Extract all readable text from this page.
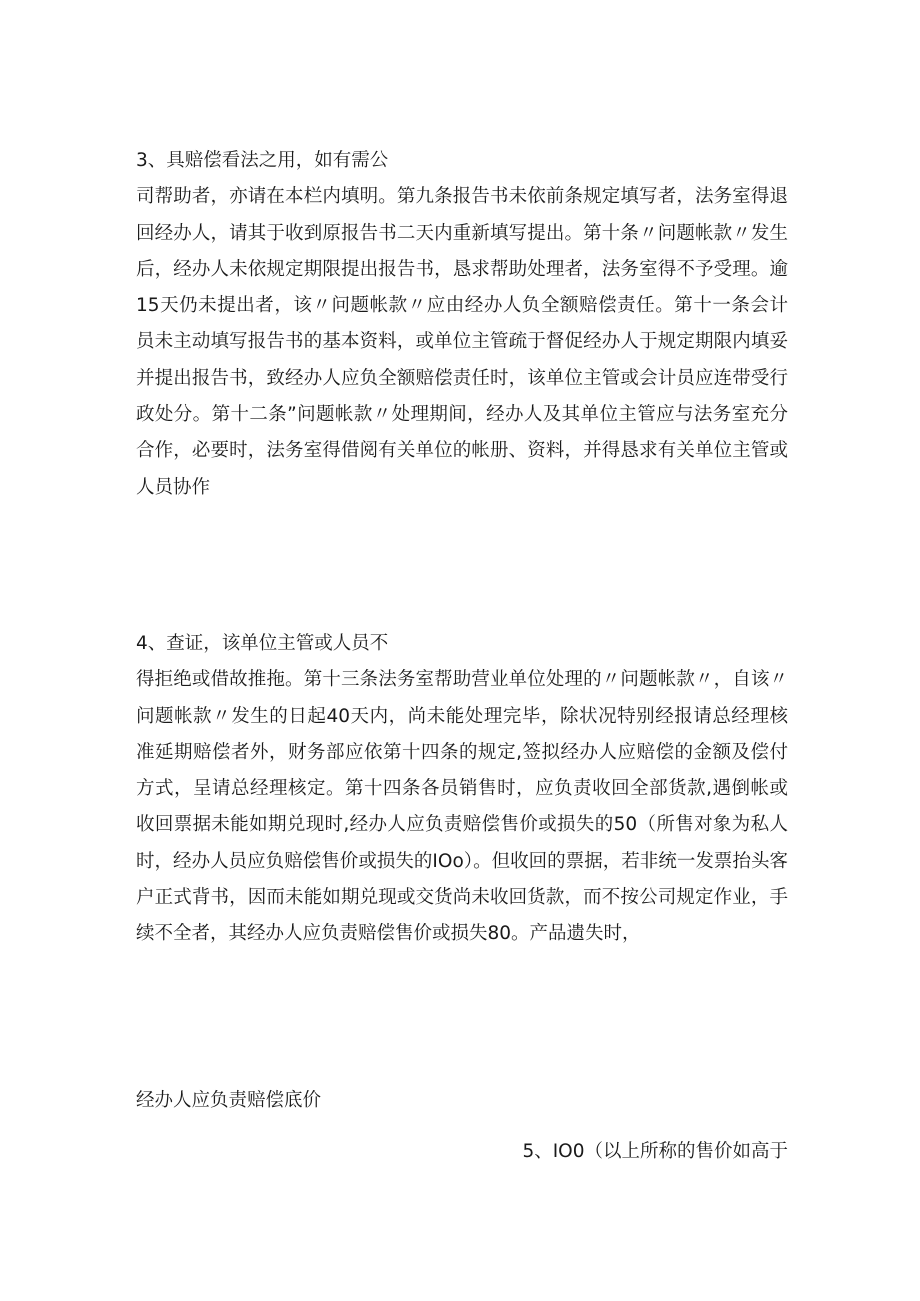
3、具赔偿看法之用，如有需公
司帮助者，亦请在本栏内填明。第九条报告书未依前条规定填写者，法务室得退回经办人，请其于收到原报告书二天内重新填写提出。第十条〃问题帐款〃发生后，经办人未依规定期限提出报告书，恳求帮助处理者，法务室得不予受理。逾15天仍未提出者，该〃问题帐款〃应由经办人负全额赔偿责任。第十一条会计员未主动填写报告书的基本资料，或单位主管疏于督促经办人于规定期限内填妥并提出报告书，致经办人应负全额赔偿责任时，该单位主管或会计员应连带受行政处分。第十二条”问题帐款〃处理期间，经办人及其单位主管应与法务室充分合作，必要时，法务室得借阅有关单位的帐册、资料，并得恳求有关单位主管或人员协作

4、查证，该单位主管或人员不
得拒绝或借故推拖。第十三条法务室帮助营业单位处理的〃问题帐款〃，自该〃问题帐款〃发生的日起40天内，尚未能处理完毕，除状况特别经报请总经理核准延期赔偿者外，财务部应依第十四条的规定,签拟经办人应赔偿的金额及偿付方式，呈请总经理核定。第十四条各员销售时，应负责收回全部货款,遇倒帐或收回票据未能如期兑现时,经办人应负责赔偿售价或损失的50（所售对象为私人时，经办人员应负赔偿售价或损失的IOo）。但收回的票据，若非统一发票抬头客户正式背书，因而未能如期兑现或交货尚未收回货款，而不按公司规定作业，手续不全者，其经办人应负责赔偿售价或损失80。产品遗失时，

经办人应负责赔偿底价

5、IO0（以上所称的售价如高于
